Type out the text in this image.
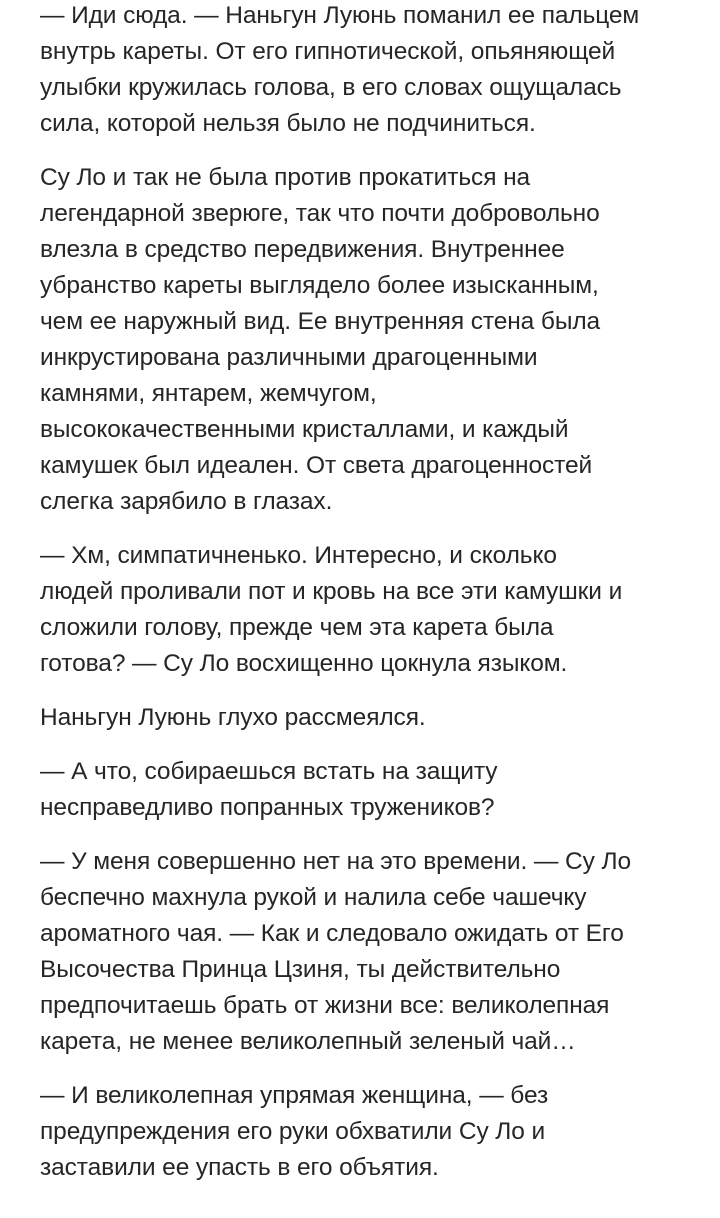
— Иди сюда. — Наньгун Луюнь поманил ее пальцем
внутрь кареты. От его гипнотической, опьяняющей
улыбки кружилась голова, в его словах ощущалась
сила, которой нельзя было не подчиниться.
Су Ло и так не была против прокатиться на
легендарной зверюге, так что почти добровольно
влезла в средство передвижения. Внутреннее
убранство кареты выглядело более изысканным,
чем ее наружный вид. Ее внутренняя стена была
инкрустирована различными драгоценными
камнями, янтарем, жемчугом,
высококачественными кристаллами, и каждый
камушек был идеален. От света драгоценностей
слегка зарябило в глазах.
— Хм, симпатичненько. Интересно, и сколько
людей проливали пот и кровь на все эти камушки и
сложили голову, прежде чем эта карета была
готова? — Су Ло восхищенно цокнула языком.
Наньгун Луюнь глухо рассмеялся.
— А что, собираешься встать на защиту
несправедливо попранных тружеников?
— У меня совершенно нет на это времени. — Су Ло
беспечно махнула рукой и налила себе чашечку
ароматного чая. — Как и следовало ожидать от Его
Высочества Принца Цзиня, ты действительно
предпочитаешь брать от жизни все: великолепная
карета, не менее великолепный зеленый чай…
— И великолепная упрямая женщина, — без
предупреждения его руки обхватили Су Ло и
заставили ее упасть в его объятия.
